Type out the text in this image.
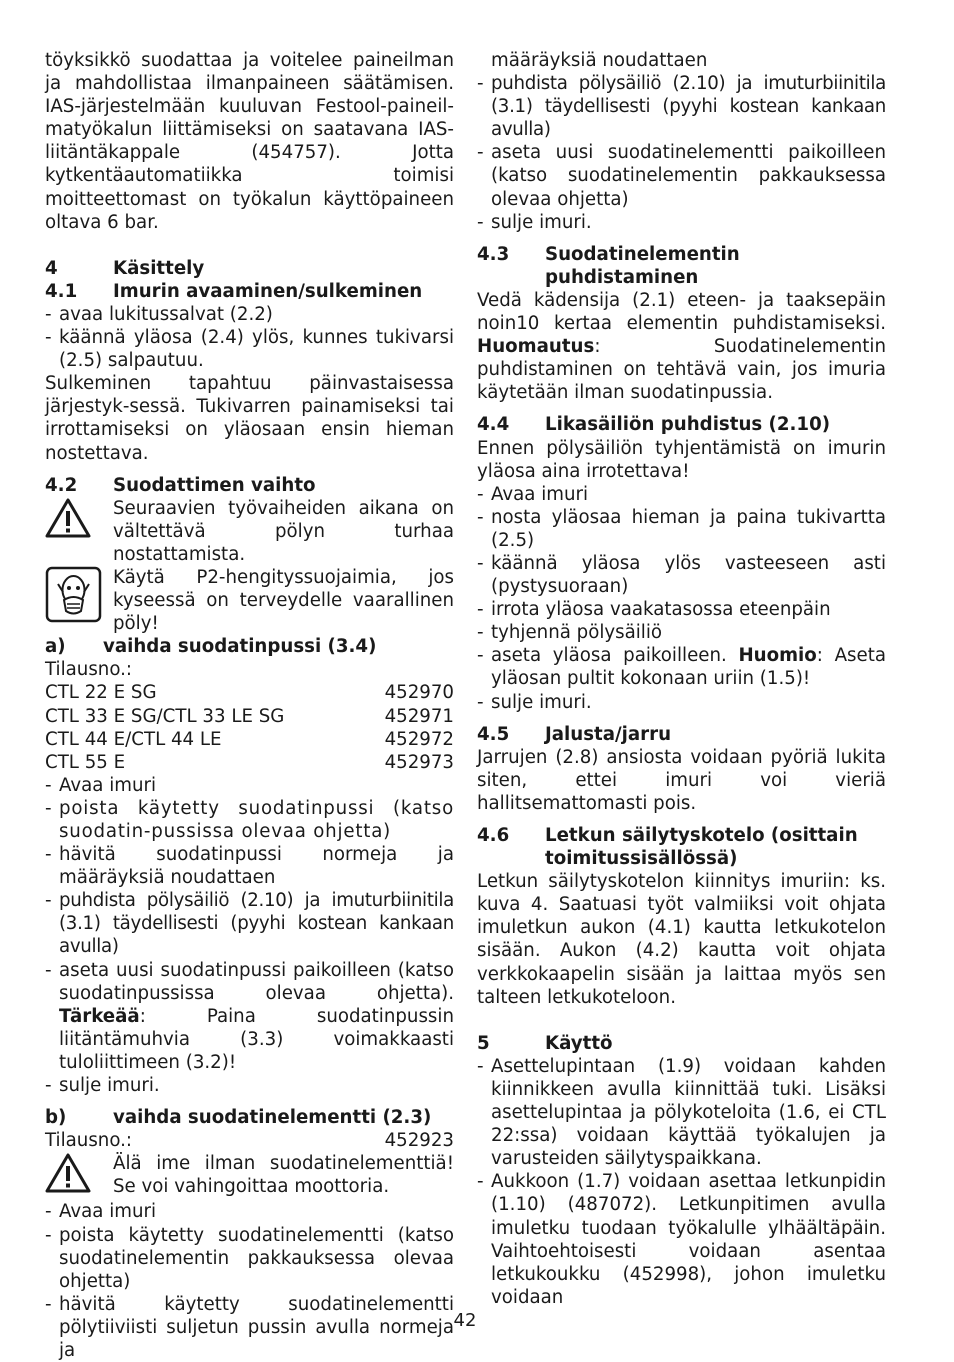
töyksikkö suodattaa ja voitelee paineilman ja mahdollistaa ilmanpaineen säätämisen. IAS-järjestelmään kuuluvan Festool-paineil-matyökalun liittämiseksi on saatavana IAS-liitäntäkappale (454757). Jotta kytkentäautomatiikka toimisi moitteettomast on työkalun käyttöpaineen oltava 6 bar.

4	Käsittely
4.1	Imurin avaaminen/sulkeminen
- avaa lukitussalvat (2.2)
- käännä yläosa (2.4) ylös, kunnes tukivarsi (2.5) salpautuu.

Sulkeminen tapahtuu päinvastaisessa järjestyk-sessä. Tukivarren painamiseksi tai irrottamiseksi on yläosaan ensin hieman nostettava.

4.2	Suodattimen vaihto
Seuraavien työvaiheiden aikana on vältettävä pölyn turhaa nostattamista.
Käytä P2-hengityssuojaimia, jos kyseessä on terveydelle vaarallinen pöly!
a)	vaihda suodatinpussi (3.4)

Tilausno.:

CTL 22 E SG	452970
CTL 33 E SG/CTL 33 LE SG	452971
CTL 44 E/CTL 44 LE	452972
CTL 55 E	452973
- Avaa imuri
- poista käytetty suodatinpussi (katso suodatin-pussissa olevaa ohjetta)
- hävitä suodatinpussi normeja ja määräyksiä noudattaen
- puhdista pölysäiliö (2.10) ja imuturbiinitila (3.1) täydellisesti (pyyhi kostean kankaan avulla)
- aseta uusi suodatinpussi paikoilleen (katso suodatinpussissa olevaa ohjetta). Tärkeää: Paina suodatinpussin liitäntämuhvia (3.3) voimakkaasti tuloliittimeen (3.2)!
- sulje imuri.
b)	vaihda suodatinelementti (2.3)
Tilausno.:	452923
Älä ime ilman suodatinelementtiä! Se voi vahingoittaa moottoria.
- Avaa imuri
- poista käytetty suodatinelementti (katso suodatinelementin pakkauksessa olevaa ohjetta)
- hävitä käytetty suodatinelementti pölytiiviisti suljetun pussin avulla normeja ja
määräyksiä noudattaen
- puhdista pölysäiliö (2.10) ja imuturbiinitila (3.1) täydellisesti (pyyhi kostean kankaan avulla)
- aseta uusi suodatinelementti paikoilleen (katso suodatinelementin pakkauksessa olevaa ohjetta)
- sulje imuri.
4.3	Suodatinelementin puhdistaminen

Vedä kädensija (2.1) eteen- ja taaksepäin noin10 kertaa elementin puhdistamiseksi. Huomautus: Suodatinelementin puhdistaminen on tehtävä vain, jos imuria käytetään ilman suodatinpussia.

4.4	Likasäiliön puhdistus (2.10)

Ennen pölysäiliön tyhjentämistä on imurin yläosa aina irrotettava!

- Avaa imuri
- nosta yläosaa hieman ja paina tukivartta (2.5)
- käännä yläosa ylös vasteeseen asti (pystysuoraan)
- irrota yläosa vaakatasossa eteenpäin
- tyhjennä pölysäiliö
- aseta yläosa paikoilleen. Huomio: Aseta yläosan pultit kokonaan uriin (1.5)!
- sulje imuri.
4.5	Jalusta/jarru

Jarrujen (2.8) ansiosta voidaan pyöriä lukita siten, ettei imuri voi vieriä hallitsemattomasti pois.

4.6	Letkun säilytyskotelo (osittain toimitussisällössä)

Letkun säilytyskotelon kiinnitys imuriin: ks. kuva 4. Saatuasi työt valmiiksi voit ohjata imuletkun aukon (4.1) kautta letkukotelon sisään. Aukon (4.2) kautta voit ohjata verkkokaapelin sisään ja laittaa myös sen talteen letkukoteloon.

5	Käyttö
- Asettelupintaan (1.9) voidaan kahden kiinnikkeen avulla kiinnittää tuki. Lisäksi asettelupintaa ja pölykoteloita (1.6, ei CTL 22:ssa) voidaan käyttää työkalujen ja varusteiden säilytyspaikkana.
- Aukkoon (1.7) voidaan asettaa letkunpidin (1.10) (487072). Letkunpitimen avulla imuletku tuodaan työkalulle ylhäältäpäin. Vaihtoehtoisesti voidaan asentaa letkukoukku (452998), johon imuletku voidaan
42
